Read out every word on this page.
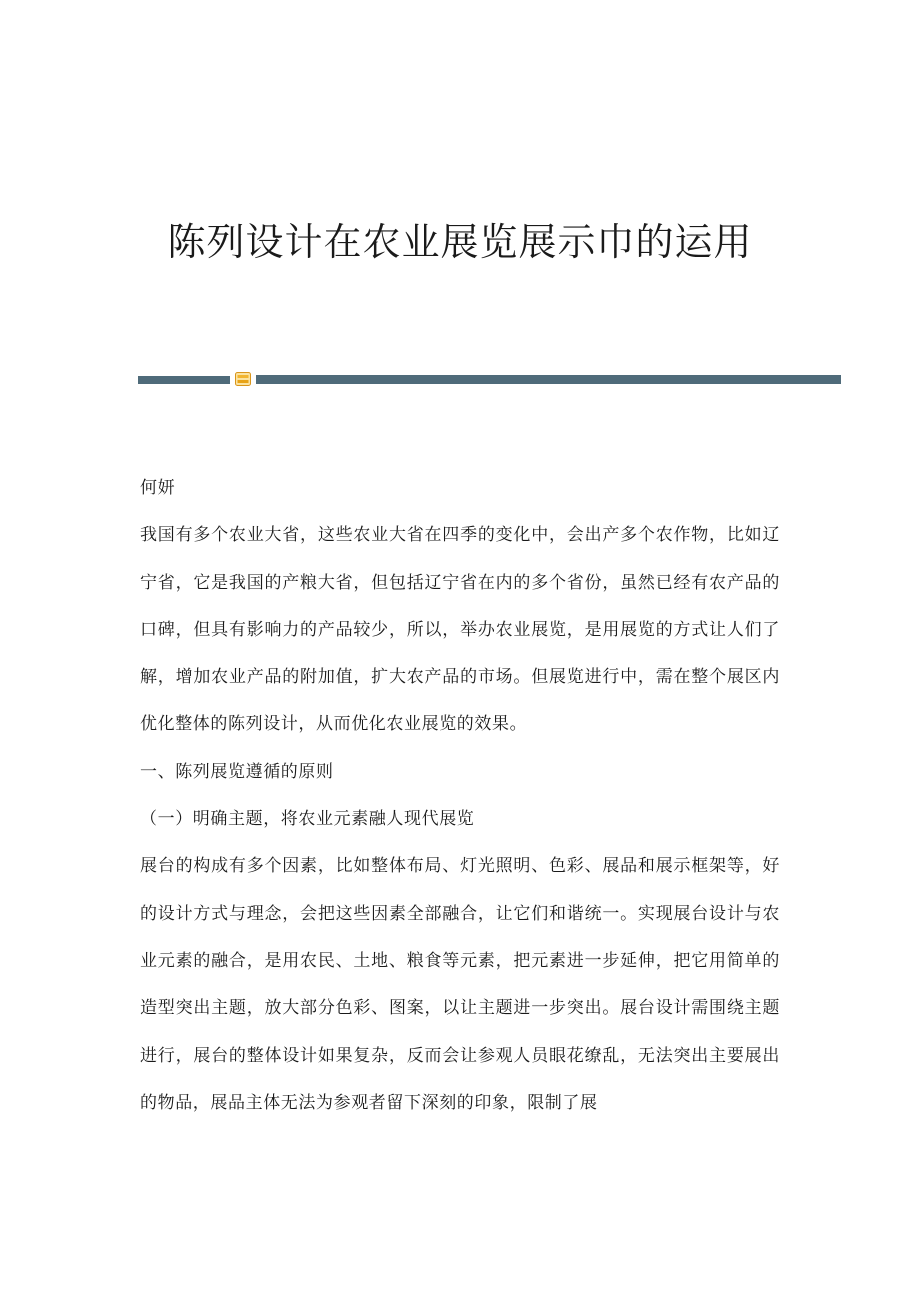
陈列设计在农业展览展示巾的运用

何妍

我国有多个农业大省，这些农业大省在四季的变化中，会出产多个农作物，比如辽宁省，它是我国的产粮大省，但包括辽宁省在内的多个省份，虽然已经有农产品的口碑，但具有影响力的产品较少，所以，举办农业展览，是用展览的方式让人们了解，增加农业产品的附加值，扩大农产品的市场。但展览进行中，需在整个展区内优化整体的陈列设计，从而优化农业展览的效果。

一、陈列展览遵循的原则

（一）明确主题，将农业元素融人现代展览

展台的构成有多个因素，比如整体布局、灯光照明、色彩、展品和展示框架等，好的设计方式与理念，会把这些因素全部融合，让它们和谐统一。实现展台设计与农业元素的融合，是用农民、土地、粮食等元素，把元素进一步延伸，把它用简单的造型突出主题，放大部分色彩、图案，以让主题进一步突出。展台设计需围绕主题进行，展台的整体设计如果复杂，反而会让参观人员眼花缭乱，无法突出主要展出的物品，展品主体无法为参观者留下深刻的印象，限制了展
